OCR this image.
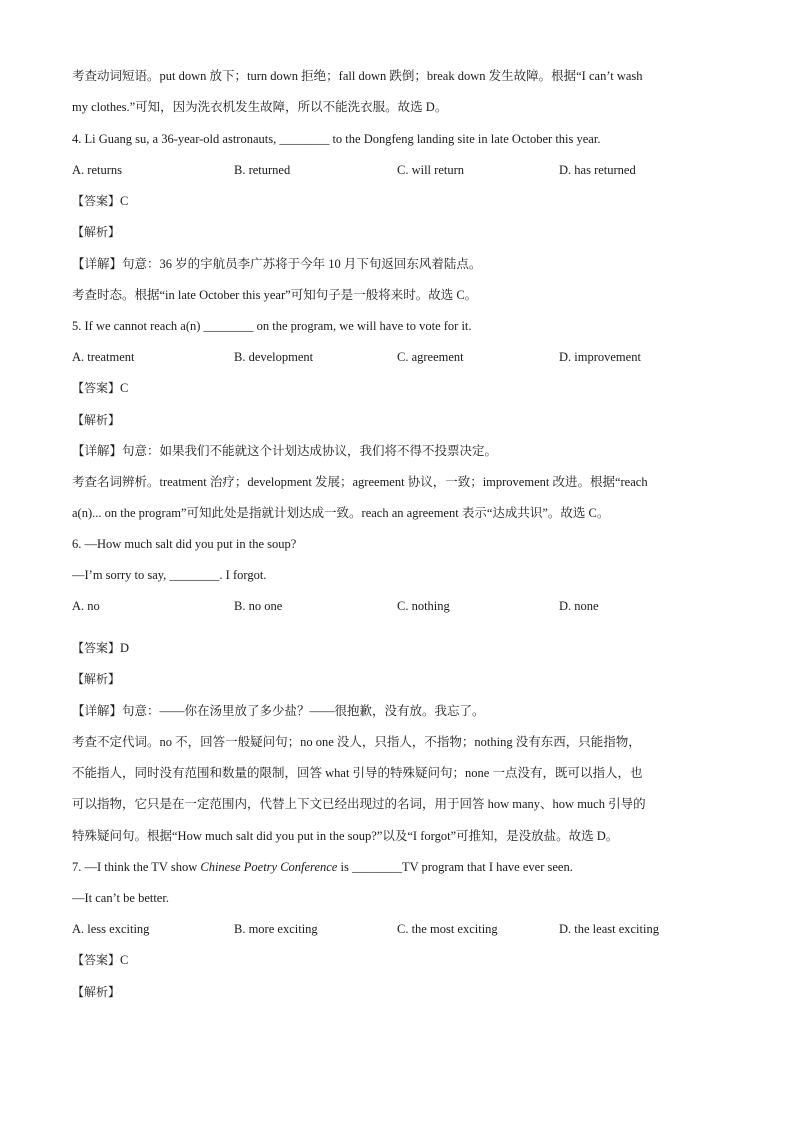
考查动词短语。put down 放下；turn down 拒绝；fall down 跌倒；break down 发生故障。根据“I can’t wash
my clothes.”可知，因为洗衣机发生故障，所以不能洗衣服。故选 D。
4. Li Guang su, a 36-year-old astronauts, ________ to the Dongfeng landing site in late October this year.
A. returns	B. returned	C. will return	D. has returned
【答案】C
【解析】
【详解】句意：36 岁的宇航员李广苏将于今年 10 月下旬返回东风着陆点。
考查时态。根据“in late October this year”可知句子是一般将来时。故选 C。
5. If we cannot reach a(n) ________ on the program, we will have to vote for it.
A. treatment	B. development	C. agreement	D. improvement
【答案】C
【解析】
【详解】句意：如果我们不能就这个计划达成协议，我们将不得不投票决定。
考查名词辨析。treatment 治疗；development 发展；agreement 协议，一致；improvement 改进。根据“reach
a(n)... on the program”可知此处是指就计划达成一致。reach an agreement 表示“达成共识”。故选 C。
6. —How much salt did you put in the soup?
—I’m sorry to say, ________. I forgot.
A. no	B. no one	C. nothing	D. none
【答案】D
【解析】
【详解】句意：——你在汤里放了多少盐？——很抱歉，没有放。我忘了。
考查不定代词。no 不，回答一般疑问句；no one 没人，只指人，不指物；nothing 没有东西，只能指物，
不能指人，同时没有范围和数量的限制，回答 what 引导的特殊疑问句；none 一点没有，既可以指人，也
可以指物，它只是在一定范围内，代替上下文已经出现过的名词，用于回答 how many、how much 引导的
特殊疑问句。根据“How much salt did you put in the soup?”以及“I forgot”可推知，是没放盐。故选 D。
7. —I think the TV show Chinese Poetry Conference is ________TV program that I have ever seen.
—It can’t be better.
A. less exciting	B. more exciting	C. the most exciting	D. the least exciting
【答案】C
【解析】
